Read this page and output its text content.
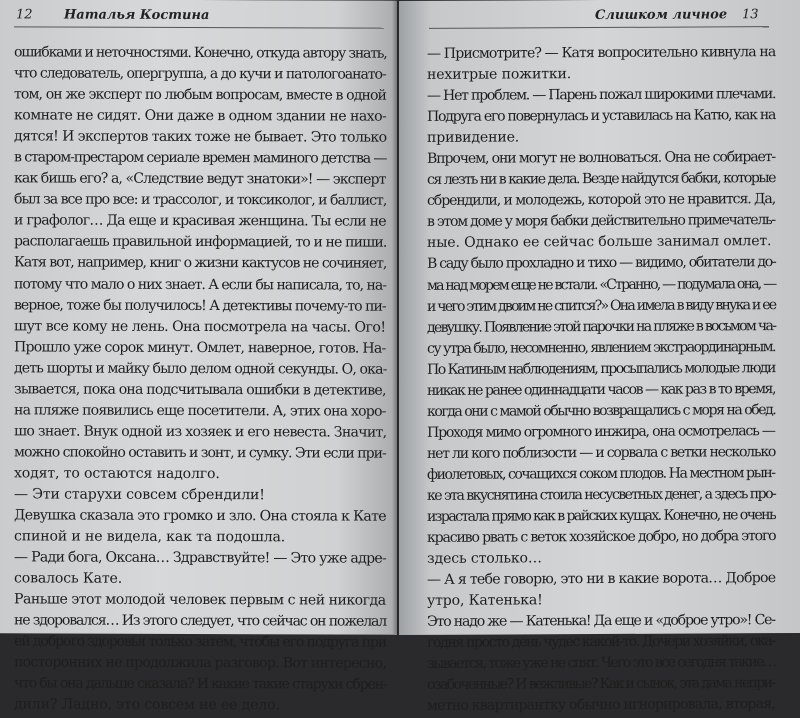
12 Наталья Костина
ошибками и неточностями. Конечно, откуда автору знать,
что следователь, опергруппа, а до кучи и патологоанато-
том, он же эксперт по любым вопросам, вместе в одной
комнате не сидят. Они даже в одном здании не нахо-
дятся! И экспертов таких тоже не бывает. Это только
в старом-престаром сериале времен маминого детства —
как бишь его? а, «Следствие ведут знатоки»! — эксперт
был за все про все: и трассолог, и токсиколог, и баллист,
и графолог… Да еще и красивая женщина. Ты если не
располагаешь правильной информацией, то и не пиши.
Катя вот, например, книг о жизни кактусов не сочиняет,
потому что мало о них знает. А если бы написала, то, на-
верное, тоже бы получилось! А детективы почему-то пи-
шут все кому не лень. Она посмотрела на часы. Ого!
Прошло уже сорок минут. Омлет, наверное, готов. На-
деть шорты и майку было делом одной секунды. О, ока-
зывается, пока она подсчитывала ошибки в детективе,
на пляже появились еще посетители. А, этих она хоро-
шо знает. Внук одной из хозяек и его невеста. Значит,
можно спокойно оставить и зонт, и сумку. Эти если при-
ходят, то остаются надолго.
— Эти старухи совсем сбрендили!
Девушка сказала это громко и зло. Она стояла к Кате
спиной и не видела, как та подошла.
— Ради бога, Оксана… Здравствуйте! — Это уже адре-
совалось Кате.
Раньше этот молодой человек первым с ней никогда
не здоровался… Из этого следует, что сейчас он пожелал
ей доброго здоровья только затем, чтобы его подруга при
посторонних не продолжила разговор. Вот интересно,
что бы она дальше сказала? И какие такие старухи сбрен-
дили? Ладно, это совсем не ее дело.
Слишком личное 13
— Присмотрите? — Катя вопросительно кивнула на
нехитрые пожитки.
— Нет проблем. — Парень пожал широкими плечами.
Подруга его повернулась и уставилась на Катю, как на
привидение.
Впрочем, они могут не волноваться. Она не собирает-
ся лезть ни в какие дела. Везде найдутся бабки, которые
сбрендили, и молодежь, которой это не нравится. Да,
в этом доме у моря бабки действительно примечатель-
ные. Однако ее сейчас больше занимал омлет.
В саду было прохладно и тихо — видимо, обитатели до-
ма над морем еще не встали. «Странно, — подумала она, —
и чего этим двоим не спится?» Она имела в виду внука и ее
девушку. Появление этой парочки на пляже в восьмом ча-
су утра было, несомненно, явлением экстраординарным.
По Катиным наблюдениям, просыпались молодые люди
никак не ранее одиннадцати часов — как раз в то время,
когда они с мамой обычно возвращались с моря на обед.
Проходя мимо огромного инжира, она осмотрелась —
нет ли кого поблизости — и сорвала с ветки несколько
фиолетовых, сочащихся соком плодов. На местном рын-
ке эта вкуснятина стоила несусветных денег, а здесь про-
израстала прямо как в райских кущах. Конечно, не очень
красиво рвать с веток хозяйское добро, но добра этого
здесь столько…
— А я тебе говорю, это ни в какие ворота… Доброе
утро, Катенька!
Это надо же — Катенька! Да еще и «доброе утро»! Се-
годня просто день чудес какой-то. Дочери хозяйки, ока-
зывается, тоже уже не спят. Чего это все сегодня такие…
озабоченные? И вежливые? Как и сынок, эта дама непри-
метно квартирантку обычно игнорировала, вторая,
